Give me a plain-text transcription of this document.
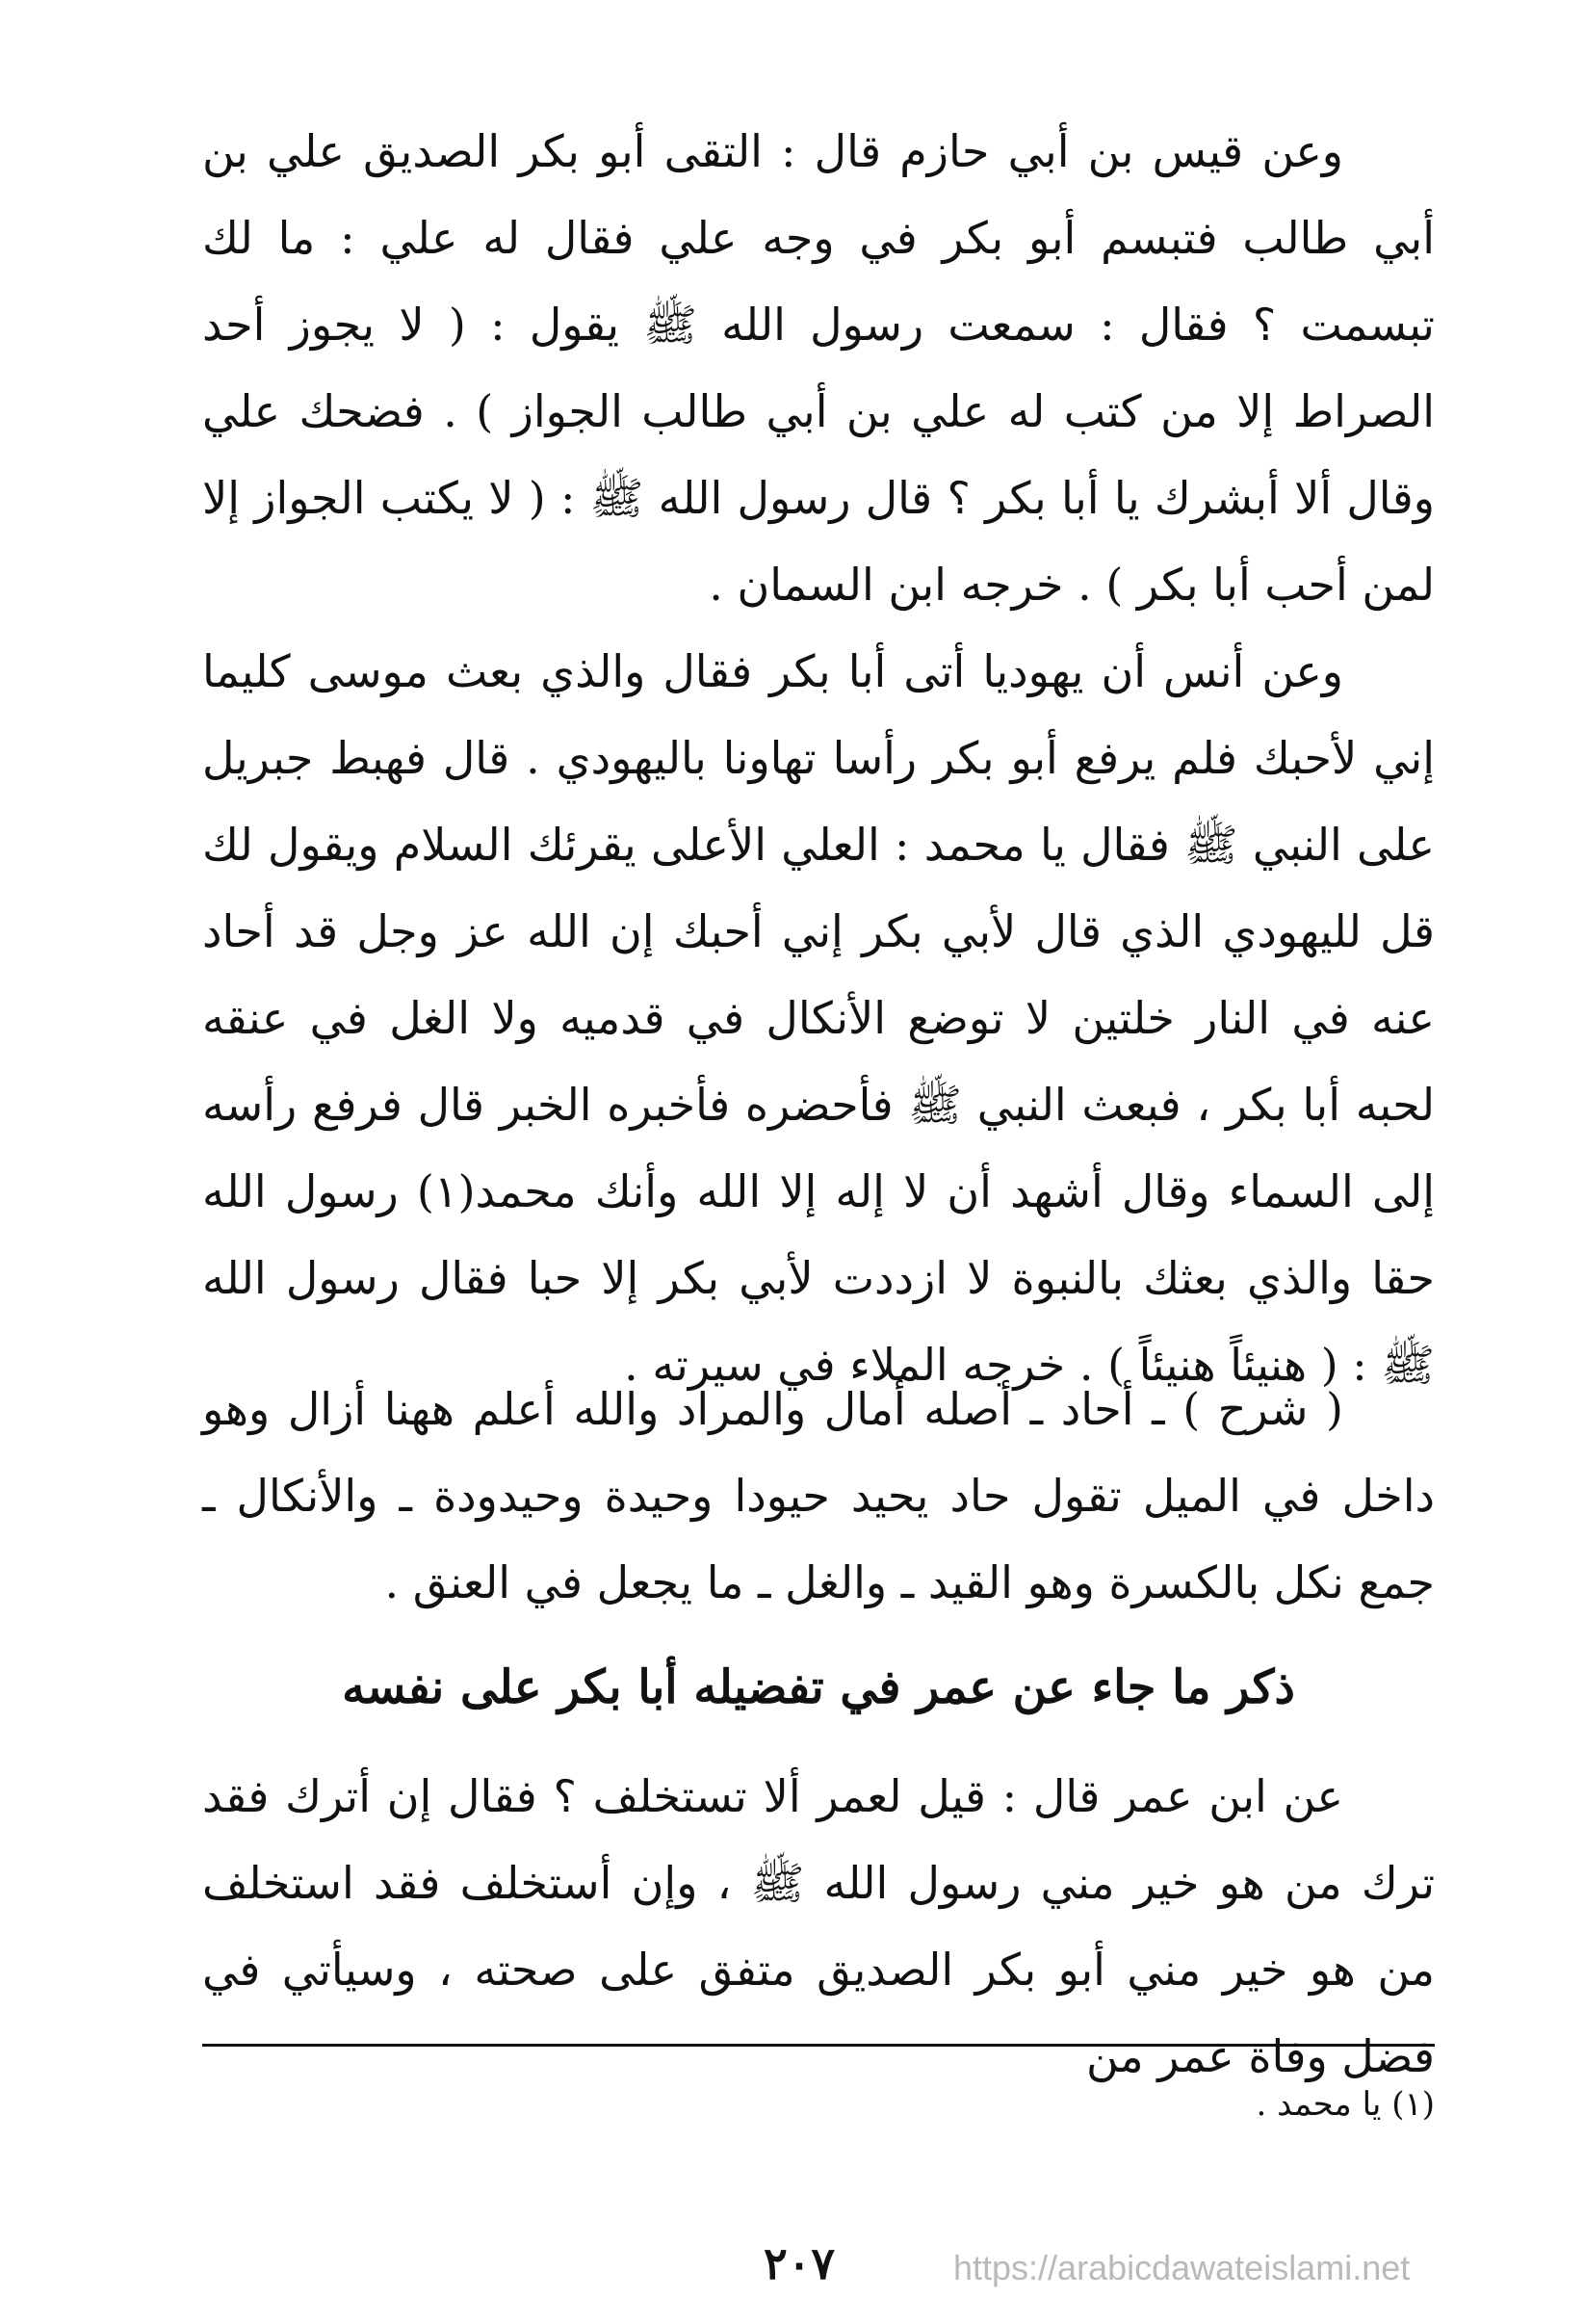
وعن قيس بن أبي حازم قال : التقى أبو بكر الصديق علي بن أبي طالب فتبسم أبو بكر في وجه علي فقال له علي : ما لك تبسمت ؟ فقال : سمعت رسول الله ﷺ يقول : ( لا يجوز أحد الصراط إلا من كتب له علي بن أبي طالب الجواز ) . فضحك علي وقال ألا أبشرك يا أبا بكر ؟ قال رسول الله ﷺ : ( لا يكتب الجواز إلا لمن أحب أبا بكر ) . خرجه ابن السمان .

وعن أنس أن يهوديا أتى أبا بكر فقال والذي بعث موسى كليما إني لأحبك فلم يرفع أبو بكر رأسا تهاونا باليهودي . قال فهبط جبريل على النبي ﷺ فقال يا محمد : العلي الأعلى يقرئك السلام ويقول لك قل لليهودي الذي قال لأبي بكر إني أحبك إن الله عز وجل قد أحاد عنه في النار خلتين لا توضع الأنكال في قدميه ولا الغل في عنقه لحبه أبا بكر ، فبعث النبي ﷺ فأحضره فأخبره الخبر قال فرفع رأسه إلى السماء وقال أشهد أن لا إله إلا الله وأنك محمد(١) رسول الله حقا والذي بعثك بالنبوة لا ازددت لأبي بكر إلا حبا فقال رسول الله ﷺ : ( هنيئاً هنيئاً ) . خرجه الملاء في سيرته .

( شرح ) ـ أحاد ـ أصله أمال والمراد والله أعلم ههنا أزال وهو داخل في الميل تقول حاد يحيد حيودا وحيدة وحيدودة ـ والأنكال ـ جمع نكل بالكسرة وهو القيد ـ والغل ـ ما يجعل في العنق .

ذكر ما جاء عن عمر في تفضيله أبا بكر على نفسه

عن ابن عمر قال : قيل لعمر ألا تستخلف ؟ فقال إن أترك فقد ترك من هو خير مني رسول الله ﷺ ، وإن أستخلف فقد استخلف من هو خير مني أبو بكر الصديق متفق على صحته ، وسيأتي في فضل وفاة عمر من

(١) يا محمد .
٢٠٧	https://arabicdawateislami.net
